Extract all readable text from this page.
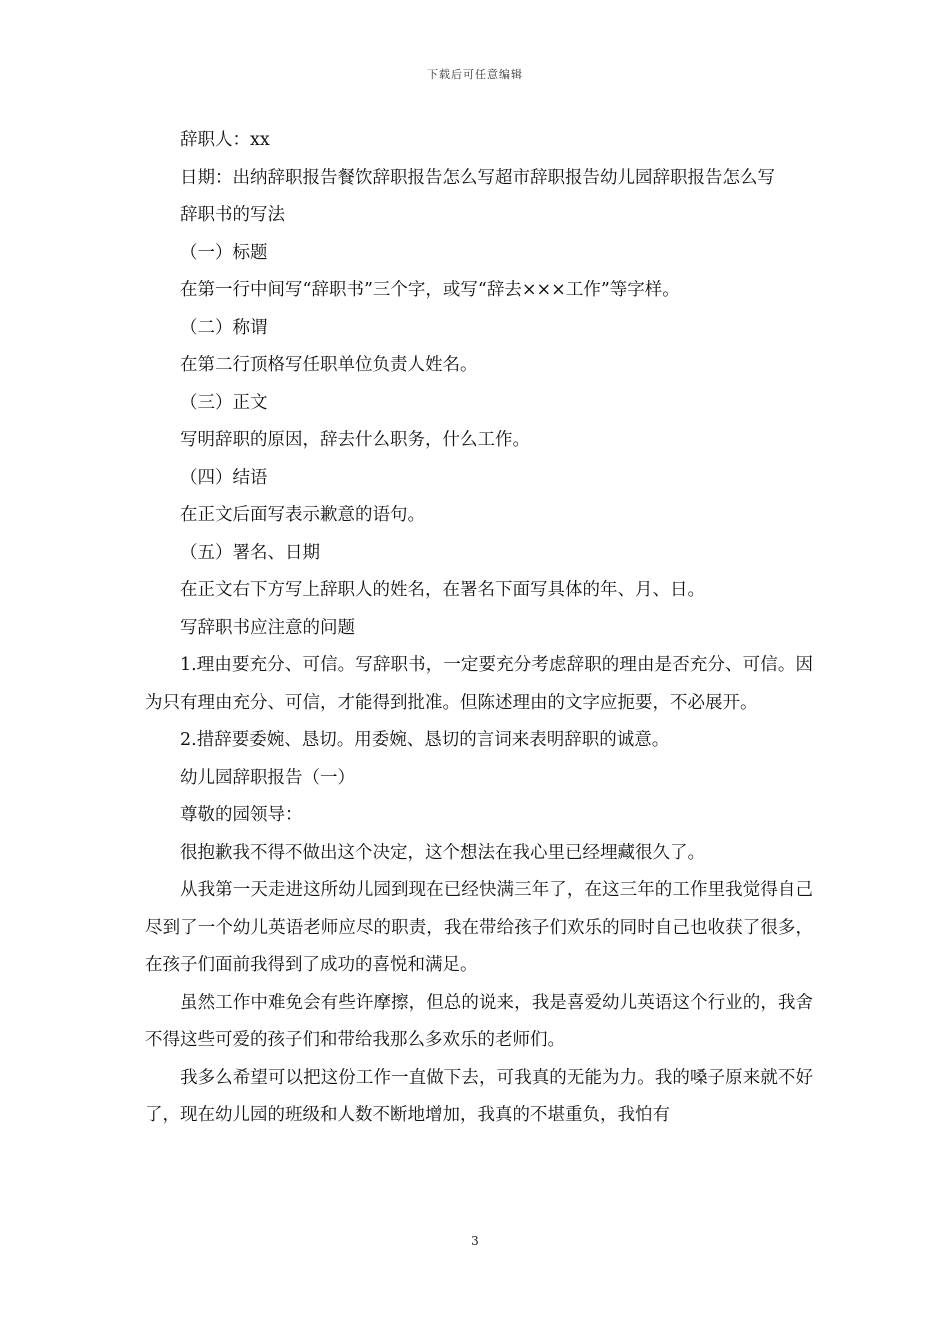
下载后可任意编辑

辞职人：xx

日期：出纳辞职报告餐饮辞职报告怎么写超市辞职报告幼儿园辞职报告怎么写

辞职书的写法

（一）标题

在第一行中间写“辞职书”三个字，或写“辞去×××工作”等字样。

（二）称谓

在第二行顶格写任职单位负责人姓名。

（三）正文

写明辞职的原因，辞去什么职务，什么工作。

（四）结语

在正文后面写表示歉意的语句。

（五）署名、日期

在正文右下方写上辞职人的姓名，在署名下面写具体的年、月、日。

写辞职书应注意的问题

1.理由要充分、可信。写辞职书，一定要充分考虑辞职的理由是否充分、可信。因为只有理由充分、可信，才能得到批准。但陈述理由的文字应扼要，不必展开。

2.措辞要委婉、恳切。用委婉、恳切的言词来表明辞职的诚意。

幼儿园辞职报告（一）

尊敬的园领导：

很抱歉我不得不做出这个决定，这个想法在我心里已经埋藏很久了。

从我第一天走进这所幼儿园到现在已经快满三年了，在这三年的工作里我觉得自己尽到了一个幼儿英语老师应尽的职责，我在带给孩子们欢乐的同时自己也收获了很多，在孩子们面前我得到了成功的喜悦和满足。

虽然工作中难免会有些许摩擦，但总的说来，我是喜爱幼儿英语这个行业的，我舍不得这些可爱的孩子们和带给我那么多欢乐的老师们。

我多么希望可以把这份工作一直做下去，可我真的无能为力。我的嗓子原来就不好了，现在幼儿园的班级和人数不断地增加，我真的不堪重负，我怕有

3
